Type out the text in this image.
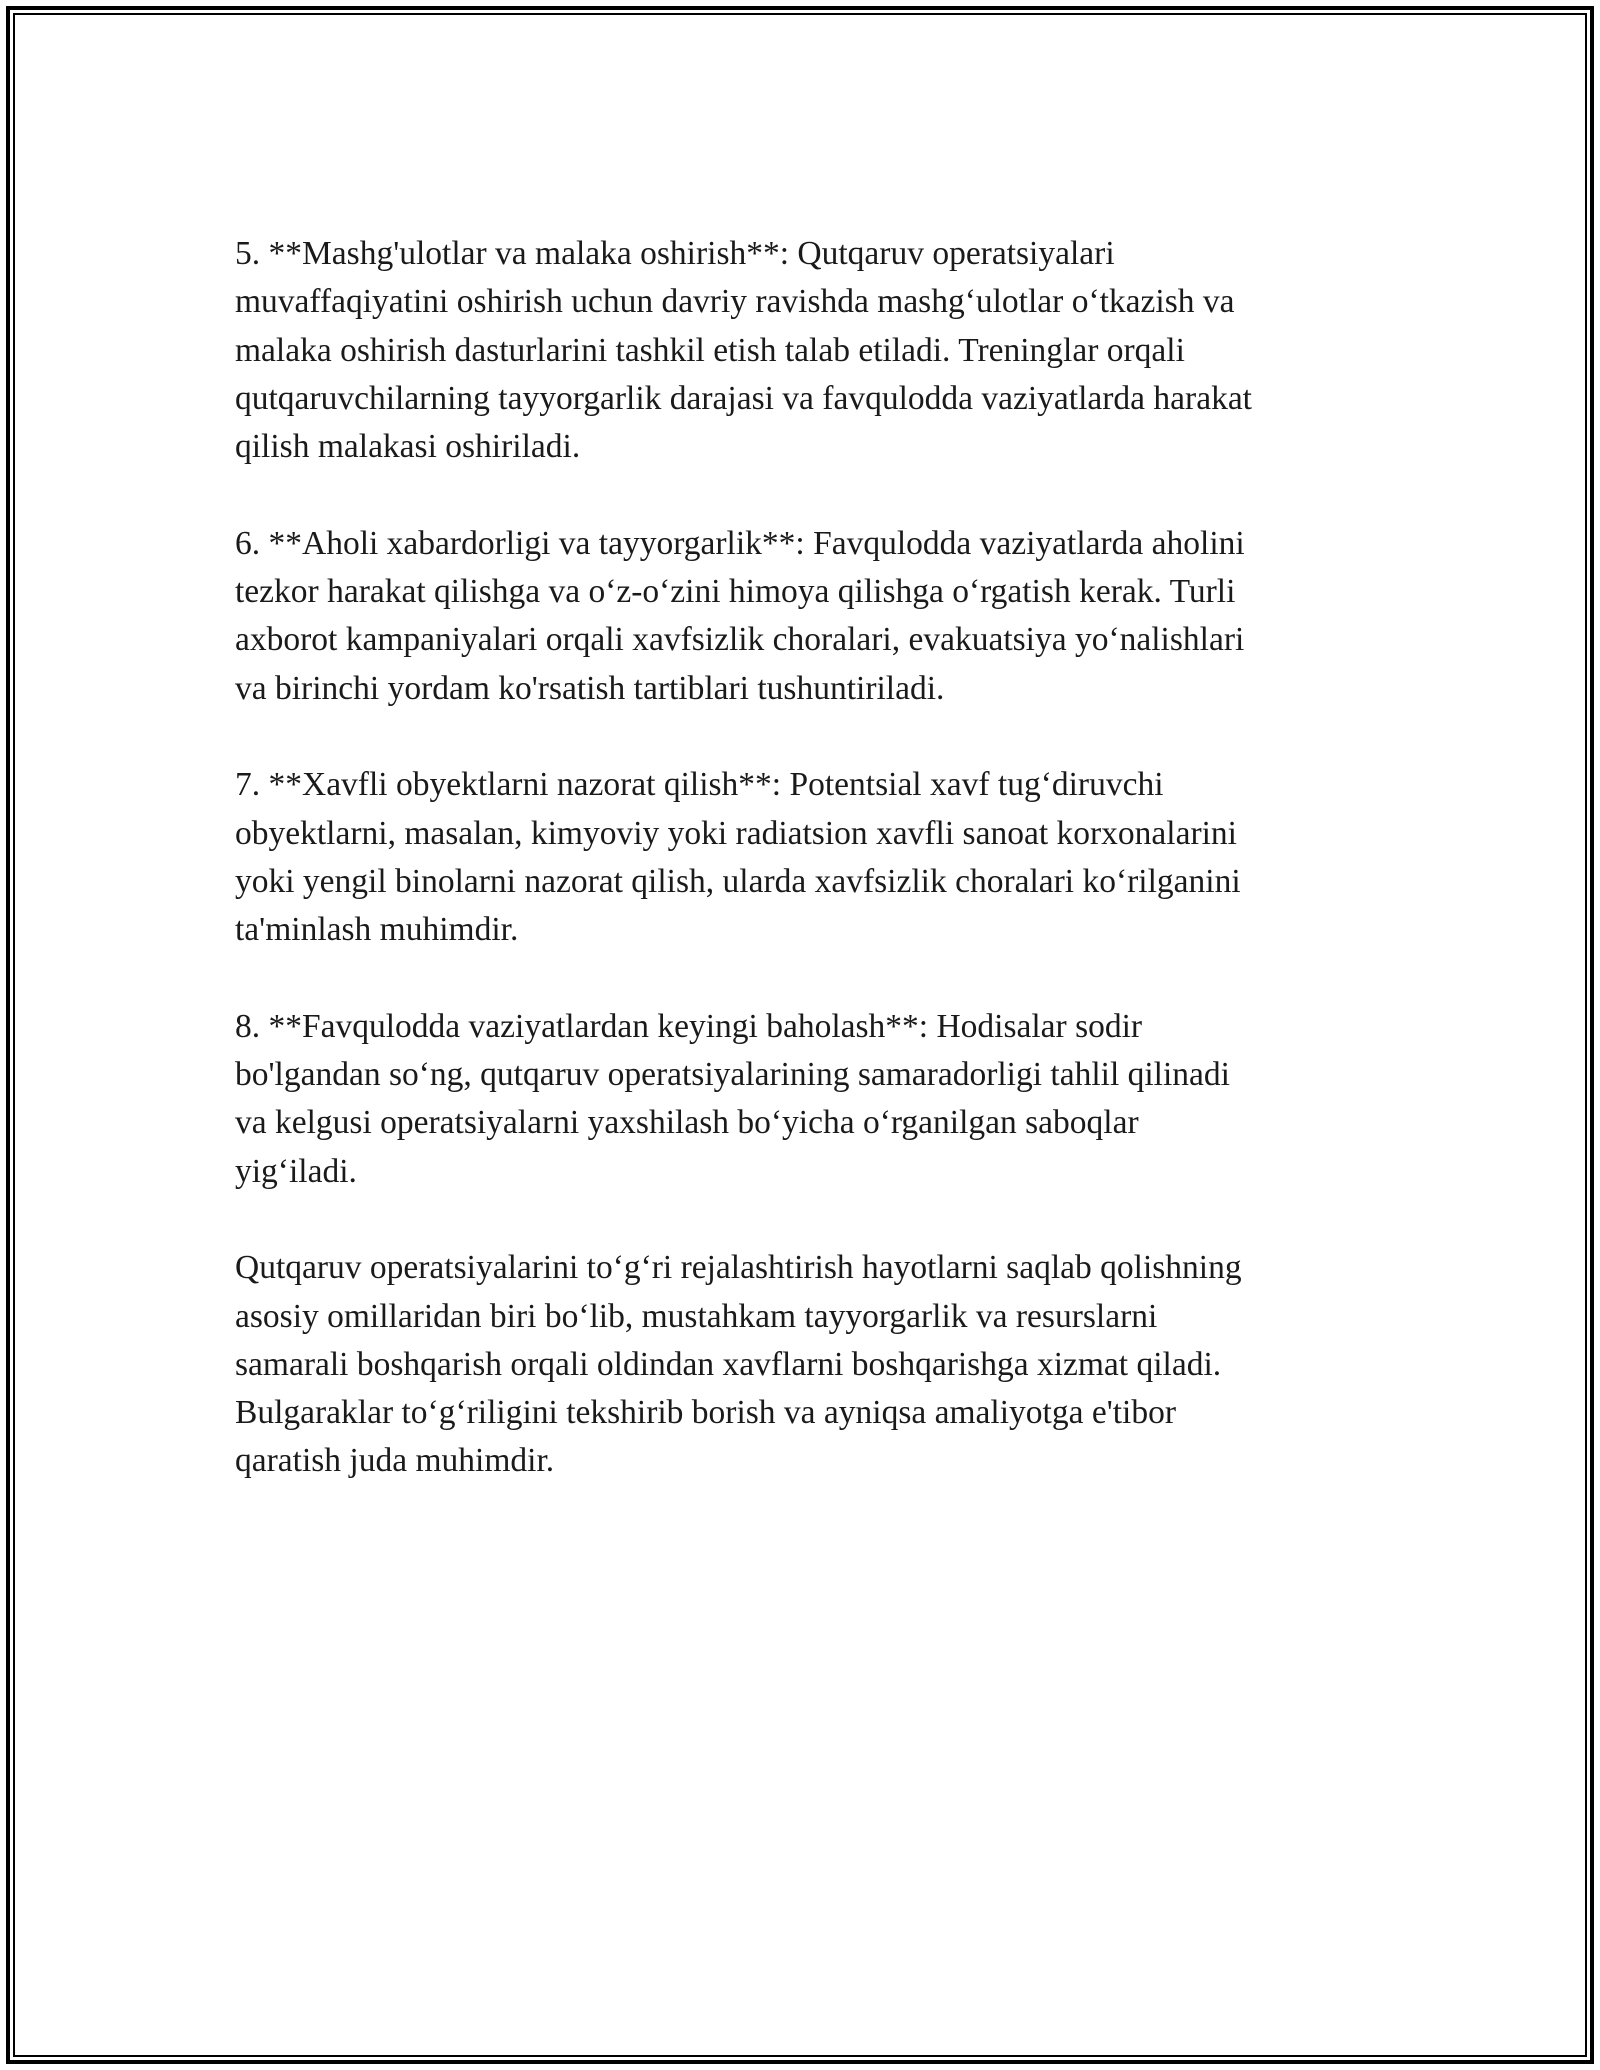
5. **Mashg'ulotlar va malaka oshirish**: Qutqaruv operatsiyalari
muvaffaqiyatini oshirish uchun davriy ravishda mashg‘ulotlar o‘tkazish va
malaka oshirish dasturlarini tashkil etish talab etiladi. Treninglar orqali
qutqaruvchilarning tayyorgarlik darajasi va favqulodda vaziyatlarda harakat
qilish malakasi oshiriladi.

6. **Aholi xabardorligi va tayyorgarlik**: Favqulodda vaziyatlarda aholini
tezkor harakat qilishga va o‘z-o‘zini himoya qilishga o‘rgatish kerak. Turli
axborot kampaniyalari orqali xavfsizlik choralari, evakuatsiya yo‘nalishlari
va birinchi yordam ko'rsatish tartiblari tushuntiriladi.

7. **Xavfli obyektlarni nazorat qilish**: Potentsial xavf tug‘diruvchi
obyektlarni, masalan, kimyoviy yoki radiatsion xavfli sanoat korxonalarini
yoki yengil binolarni nazorat qilish, ularda xavfsizlik choralari ko‘rilganini
ta'minlash muhimdir.

8. **Favqulodda vaziyatlardan keyingi baholash**: Hodisalar sodir
bo'lgandan so‘ng, qutqaruv operatsiyalarining samaradorligi tahlil qilinadi
va kelgusi operatsiyalarni yaxshilash bo‘yicha o‘rganilgan saboqlar
yig‘iladi.

Qutqaruv operatsiyalarini to‘g‘ri rejalashtirish hayotlarni saqlab qolishning
asosiy omillaridan biri bo‘lib, mustahkam tayyorgarlik va resurslarni
samarali boshqarish orqali oldindan xavflarni boshqarishga xizmat qiladi.
Bulgaraklar to‘g‘riligini tekshirib borish va ayniqsa amaliyotga e'tibor
qaratish juda muhimdir.
